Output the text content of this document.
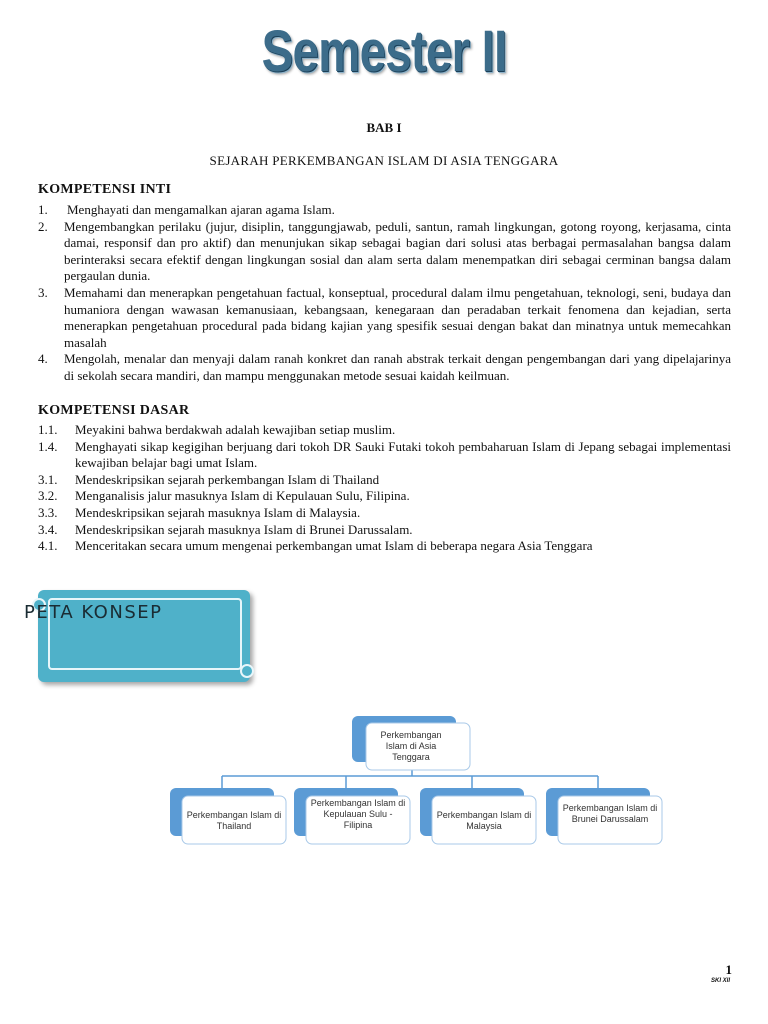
Semester II
BAB I
SEJARAH PERKEMBANGAN ISLAM DI ASIA TENGGARA
KOMPETENSI INTI
1.	Menghayati dan mengamalkan ajaran agama Islam.
2.	Mengembangkan perilaku (jujur, disiplin, tanggungjawab, peduli, santun, ramah lingkungan, gotong royong, kerjasama, cinta damai, responsif dan pro aktif) dan menunjukan sikap sebagai bagian dari solusi atas berbagai permasalahan bangsa dalam berinteraksi secara efektif dengan lingkungan sosial dan alam serta dalam menempatkan diri sebagai cerminan bangsa dalam pergaulan dunia.
3.	Memahami dan menerapkan pengetahuan factual, konseptual, procedural dalam ilmu pengetahuan, teknologi, seni, budaya dan humaniora dengan wawasan kemanusiaan, kebangsaan, kenegaraan dan peradaban terkait fenomena dan kejadian, serta menerapkan pengetahuan procedural pada bidang kajian yang spesifik sesuai dengan bakat dan minatnya untuk memecahkan masalah
4.	Mengolah, menalar dan menyaji dalam ranah konkret dan ranah abstrak terkait dengan pengembangan dari yang dipelajarinya di sekolah secara mandiri, dan mampu menggunakan metode sesuai kaidah keilmuan.
KOMPETENSI DASAR
1.1.	Meyakini bahwa berdakwah adalah kewajiban setiap muslim.
1.4.	Menghayati sikap kegigihan berjuang dari tokoh DR Sauki Futaki tokoh pembaharuan Islam di Jepang sebagai implementasi kewajiban belajar bagi umat Islam.
3.1.	Mendeskripsikan sejarah perkembangan Islam di Thailand
3.2.	Menganalisis jalur masuknya Islam di Kepulauan Sulu, Filipina.
3.3.	Mendeskripsikan sejarah masuknya Islam di Malaysia.
3.4.	Mendeskripsikan sejarah masuknya Islam di Brunei Darussalam.
4.1.	Menceritakan secara umum mengenai perkembangan umat Islam di beberapa negara Asia Tenggara
PETA KONSEP
Perkembangan Islam di Asia Tenggara
Perkembangan Islam di Thailand
Perkembangan Islam di Kepulauan Sulu - Filipina
Perkembangan Islam di Malaysia
Perkembangan Islam di Brunei Darussalam
1
SKI XII
